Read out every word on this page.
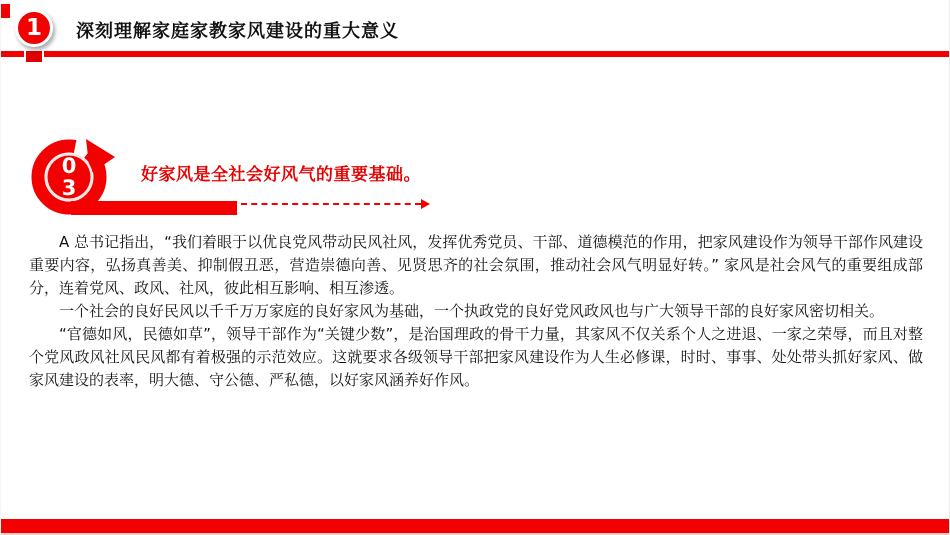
1 深刻理解家庭家教家风建设的重大意义
0
3
好家风是全社会好风气的重要基础。

A 总书记指出，“我们着眼于以优良党风带动民风社风，发挥优秀党员、干部、道德模范的作用，把家风建设作为领导干部作风建设重要内容，弘扬真善美、抑制假丑恶，营造崇德向善、见贤思齐的社会氛围，推动社会风气明显好转。” 家风是社会风气的重要组成部分，连着党风、政风、社风，彼此相互影响、相互渗透。

一个社会的良好民风以千千万万家庭的良好家风为基础，一个执政党的良好党风政风也与广大领导干部的良好家风密切相关。

“官德如风，民德如草”，领导干部作为“关键少数”，是治国理政的骨干力量，其家风不仅关系个人之进退、一家之荣辱，而且对整个党风政风社风民风都有着极强的示范效应。这就要求各级领导干部把家风建设作为人生必修课，时时、事事、处处带头抓好家风、做家风建设的表率，明大德、守公德、严私德，以好家风涵养好作风。
